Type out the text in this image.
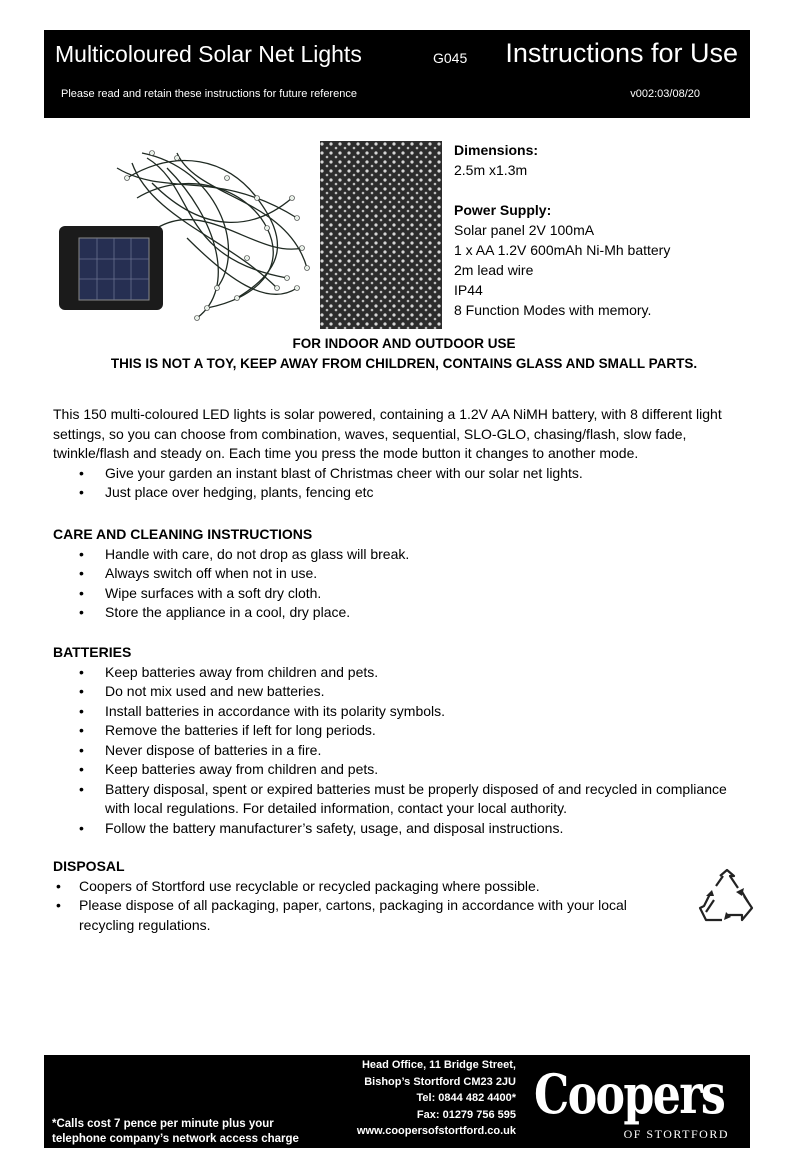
Multicoloured Solar Net Lights	G045 Instructions for Use
Please read and retain these instructions for future reference	v002:03/08/20
Dimensions:
2.5m x1.3m
Power Supply:
Solar panel 2V 100mA
1 x AA 1.2V 600mAh Ni-Mh battery
2m lead wire
IP44
8 Function Modes with memory.
FOR INDOOR AND OUTDOOR USE
THIS IS NOT A TOY, KEEP AWAY FROM CHILDREN, CONTAINS GLASS AND SMALL PARTS.
This 150 multi-coloured LED lights is solar powered, containing a 1.2V AA NiMH battery, with 8 different light settings, so you can choose from combination, waves, sequential, SLO-GLO, chasing/flash, slow fade, twinkle/flash and steady on. Each time you press the mode button it changes to another mode.
• Give your garden an instant blast of Christmas cheer with our solar net lights.
• Just place over hedging, plants, fencing etc

CARE AND CLEANING INSTRUCTIONS

• Handle with care, do not drop as glass will break.
• Always switch off when not in use.
• Wipe surfaces with a soft dry cloth.
• Store the appliance in a cool, dry place.

BATTERIES

• Keep batteries away from children and pets.
• Do not mix used and new batteries.
• Install batteries in accordance with its polarity symbols.
• Remove the batteries if left for long periods.
• Never dispose of batteries in a fire.
• Keep batteries away from children and pets.
• Battery disposal, spent or expired batteries must be properly disposed of and recycled in compliance with local regulations. For detailed information, contact your local authority.
• Follow the battery manufacturer’s safety, usage, and disposal instructions.

DISPOSAL

• Coopers of Stortford use recyclable or recycled packaging where possible.
• Please dispose of all packaging, paper, cartons, packaging in accordance with your local recycling regulations.
*Calls cost 7 pence per minute plus your
telephone company’s network access charge
Head Office, 11 Bridge Street,
Bishop’s Stortford CM23 2JU
Tel: 0844 482 4400*
Fax: 01279 756 595
www.coopersofstortford.co.uk
Coopers
OF STORTFORD
